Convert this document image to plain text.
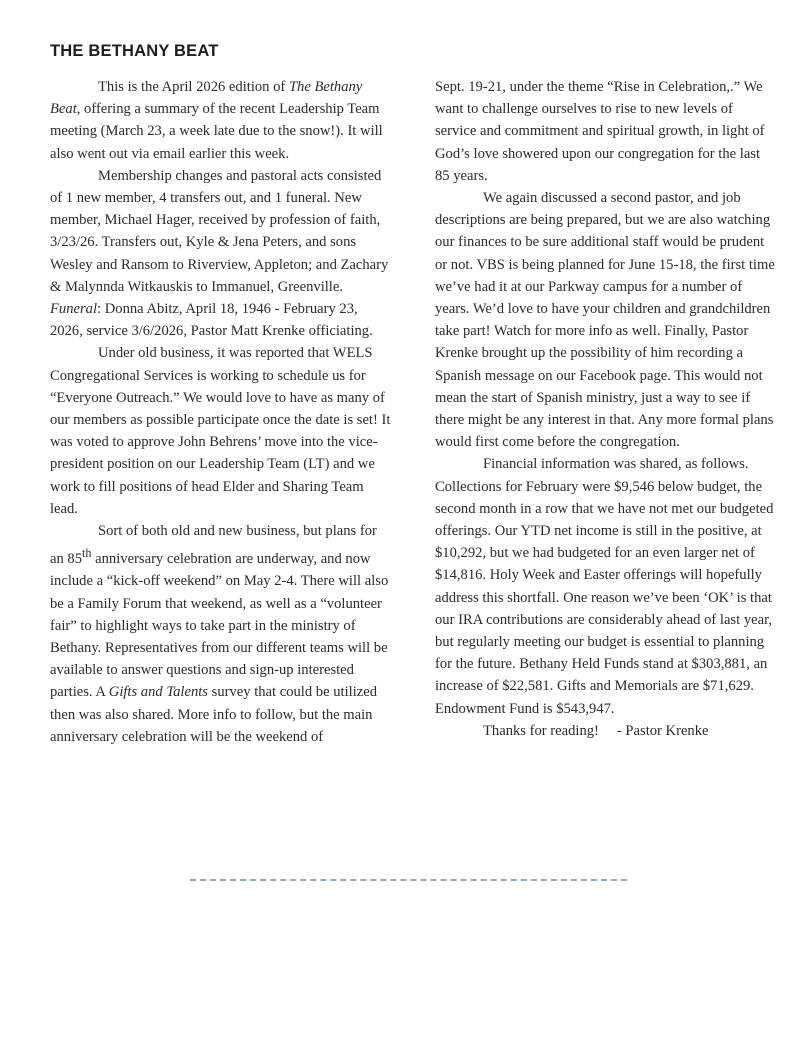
THE BETHANY BEAT

This is the April 2026 edition of The Bethany Beat, offering a summary of the recent Leadership Team meeting (March 23, a week late due to the snow!). It will also went out via email earlier this week.

Membership changes and pastoral acts consisted of 1 new member, 4 transfers out, and 1 funeral. New member, Michael Hager, received by profession of faith, 3/23/26. Transfers out, Kyle & Jena Peters, and sons Wesley and Ransom to Riverview, Appleton; and Zachary & Malynnda Witkauskis to Immanuel, Greenville. Funeral: Donna Abitz, April 18, 1946 - February 23, 2026, service 3/6/2026, Pastor Matt Krenke officiating.

Under old business, it was reported that WELS Congregational Services is working to schedule us for “Everyone Outreach.” We would love to have as many of our members as possible participate once the date is set! It was voted to approve John Behrens’ move into the vice-president position on our Leadership Team (LT) and we work to fill positions of head Elder and Sharing Team lead.

Sort of both old and new business, but plans for an 85th anniversary celebration are underway, and now include a “kick-off weekend” on May 2-4. There will also be a Family Forum that weekend, as well as a “volunteer fair” to highlight ways to take part in the ministry of Bethany. Representatives from our different teams will be available to answer questions and sign-up interested parties. A Gifts and Talents survey that could be utilized then was also shared. More info to follow, but the main anniversary celebration will be the weekend of

Sept. 19-21, under the theme “Rise in Celebration,.” We want to challenge ourselves to rise to new levels of service and commitment and spiritual growth, in light of God’s love showered upon our congregation for the last 85 years.

We again discussed a second pastor, and job descriptions are being prepared, but we are also watching our finances to be sure additional staff would be prudent or not. VBS is being planned for June 15-18, the first time we’ve had it at our Parkway campus for a number of years. We’d love to have your children and grandchildren take part! Watch for more info as well. Finally, Pastor Krenke brought up the possibility of him recording a Spanish message on our Facebook page. This would not mean the start of Spanish ministry, just a way to see if there might be any interest in that. Any more formal plans would first come before the congregation.

Financial information was shared, as follows. Collections for February were $9,546 below budget, the second month in a row that we have not met our budgeted offerings. Our YTD net income is still in the positive, at $10,292, but we had budgeted for an even larger net of $14,816. Holy Week and Easter offerings will hopefully address this shortfall. One reason we’ve been ‘OK’ is that our IRA contributions are considerably ahead of last year, but regularly meeting our budget is essential to planning for the future. Bethany Held Funds stand at $303,881, an increase of $22,581. Gifts and Memorials are $71,629. Endowment Fund is $543,947.

Thanks for reading! - Pastor Krenke
